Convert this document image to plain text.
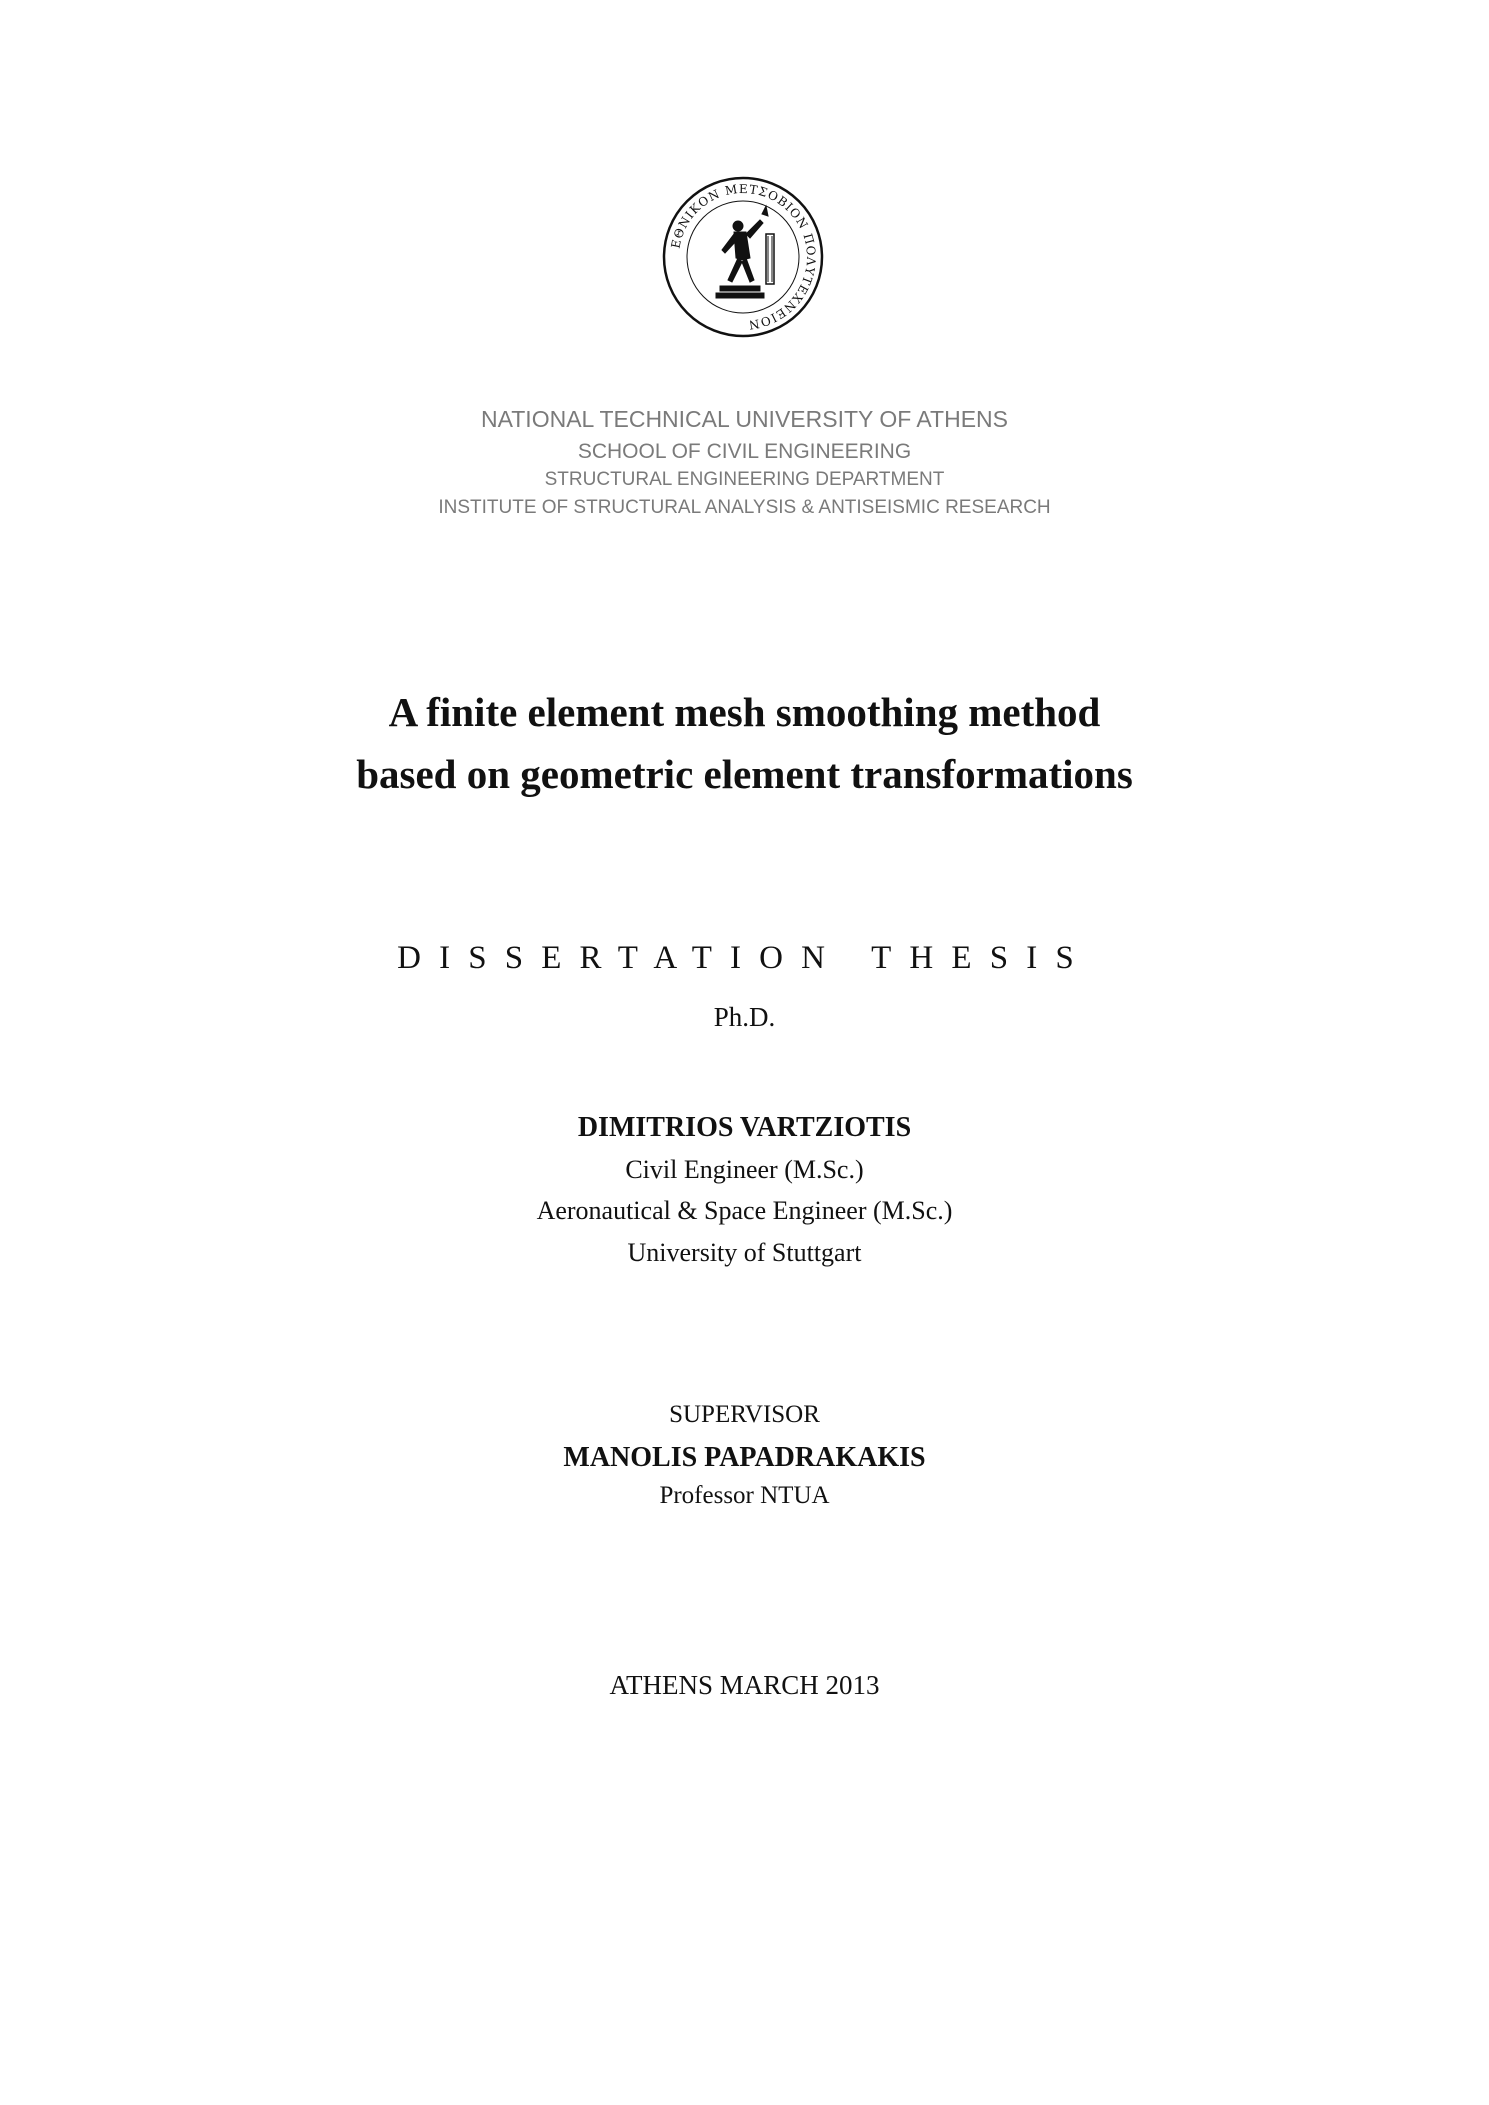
ΕΘΝΙΚΟΝ ΜΕΤΣΟΒΙΟΝ ΠΟΛΥΤΕΧΝΕΙΟΝ
NATIONAL TECHNICAL UNIVERSITY OF ATHENS
SCHOOL OF CIVIL ENGINEERING
STRUCTURAL ENGINEERING DEPARTMENT
INSTITUTE OF STRUCTURAL ANALYSIS & ANTISEISMIC RESEARCH
A finite element mesh smoothing method
based on geometric element transformations
DISSERTATION THESIS
Ph.D.
DIMITRIOS VARTZIOTIS
Civil Engineer (M.Sc.)
Aeronautical & Space Engineer (M.Sc.)
University of Stuttgart
SUPERVISOR
MANOLIS PAPADRAKAKIS
Professor NTUA
ATHENS MARCH 2013
